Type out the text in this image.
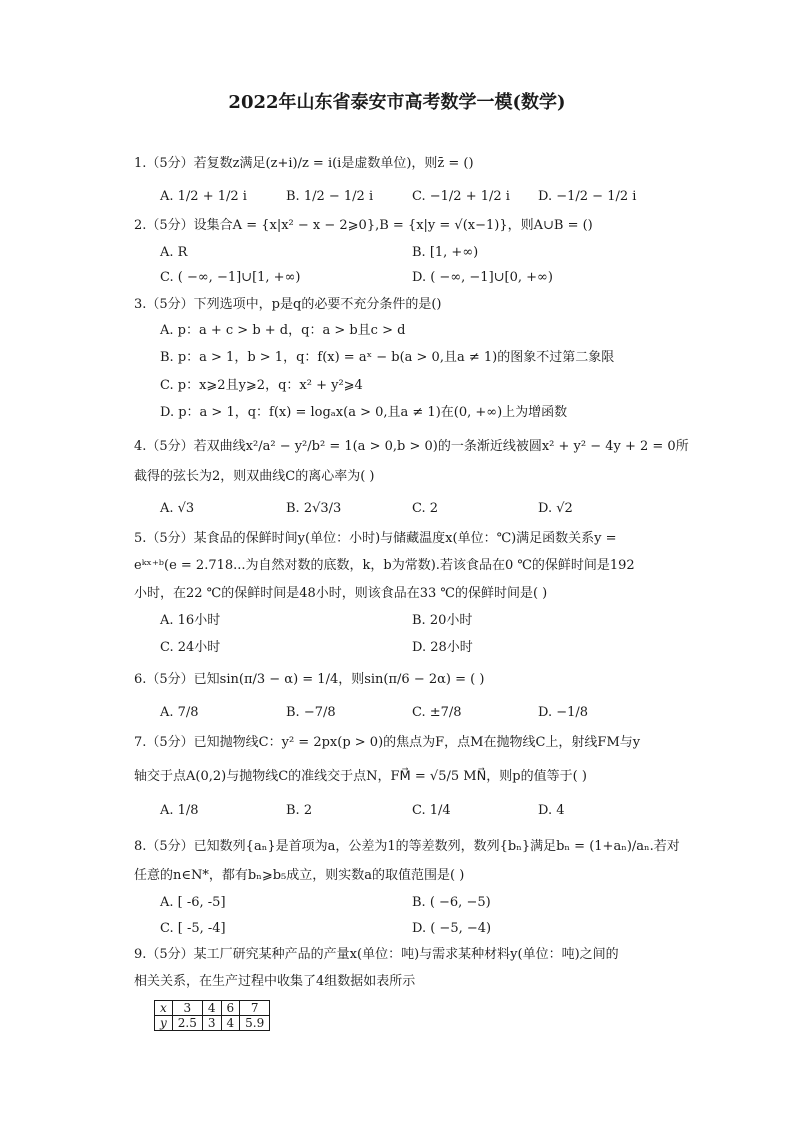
2022年山东省泰安市高考数学一模(数学)
1.（5分）若复数z满足(z+i)/z = i(i是虚数单位)，则z̄ = ()
A. 1/2 + 1/2 i	B. 1/2 − 1/2 i	C. −1/2 + 1/2 i D. −1/2 − 1/2 i
2.（5分）设集合A = {x|x² − x − 2⩾0},B = {x|y = √(x−1)}，则A∪B = ()
A. R	B. [1, +∞)
C. ( −∞, −1]∪[1, +∞)	D. ( −∞, −1]∪[0, +∞)
3.（5分）下列选项中，p是q的必要不充分条件的是()
A. p：a + c > b + d，q：a > b且c > d
B. p：a > 1，b > 1，q：f(x) = aˣ − b(a > 0,且a ≠ 1)的图象不过第二象限
C. p：x⩾2且y⩾2，q：x² + y²⩾4
D. p：a > 1，q：f(x) = logₐx(a > 0,且a ≠ 1)在(0, +∞)上为增函数
4.（5分）若双曲线x²/a² − y²/b² = 1(a > 0,b > 0)的一条渐近线被圆x² + y² − 4y + 2 = 0所
截得的弦长为2，则双曲线C的离心率为( )
A. √3	B. 2√3/3	C. 2	D. √2
5.（5分）某食品的保鲜时间y(单位：小时)与储藏温度x(单位：℃)满足函数关系y =
eᵏˣ⁺ᵇ(e = 2.718...为自然对数的底数，k，b为常数).若该食品在0 ℃的保鲜时间是192
小时，在22 ℃的保鲜时间是48小时，则该食品在33 ℃的保鲜时间是( )
A. 16小时	B. 20小时
C. 24小时	D. 28小时
6.（5分）已知sin(π/3 − α) = 1/4，则sin(π/6 − 2α) = ( )
A. 7/8	B. −7/8	C. ±7/8	D. −1/8
7.（5分）已知抛物线C：y² = 2px(p > 0)的焦点为F，点M在抛物线C上，射线FM与y
轴交于点A(0,2)与抛物线C的准线交于点N，FM⃗ = √5/5 MN⃗，则p的值等于( )
A. 1/8	B. 2	C. 1/4	D. 4
8.（5分）已知数列{aₙ}是首项为a，公差为1的等差数列，数列{bₙ}满足bₙ = (1+aₙ)/aₙ.若对
任意的n∈N*，都有bₙ⩾b₅成立，则实数a的取值范围是( )
A. [ -6, -5]	B. ( −6, −5)
C. [ -5, -4]	D. ( −5, −4)
9.（5分）某工厂研究某种产品的产量x(单位：吨)与需求某种材料y(单位：吨)之间的
相关关系，在生产过程中收集了4组数据如表所示
x	3	4	6	7
y	2.5	3	4	5.9
